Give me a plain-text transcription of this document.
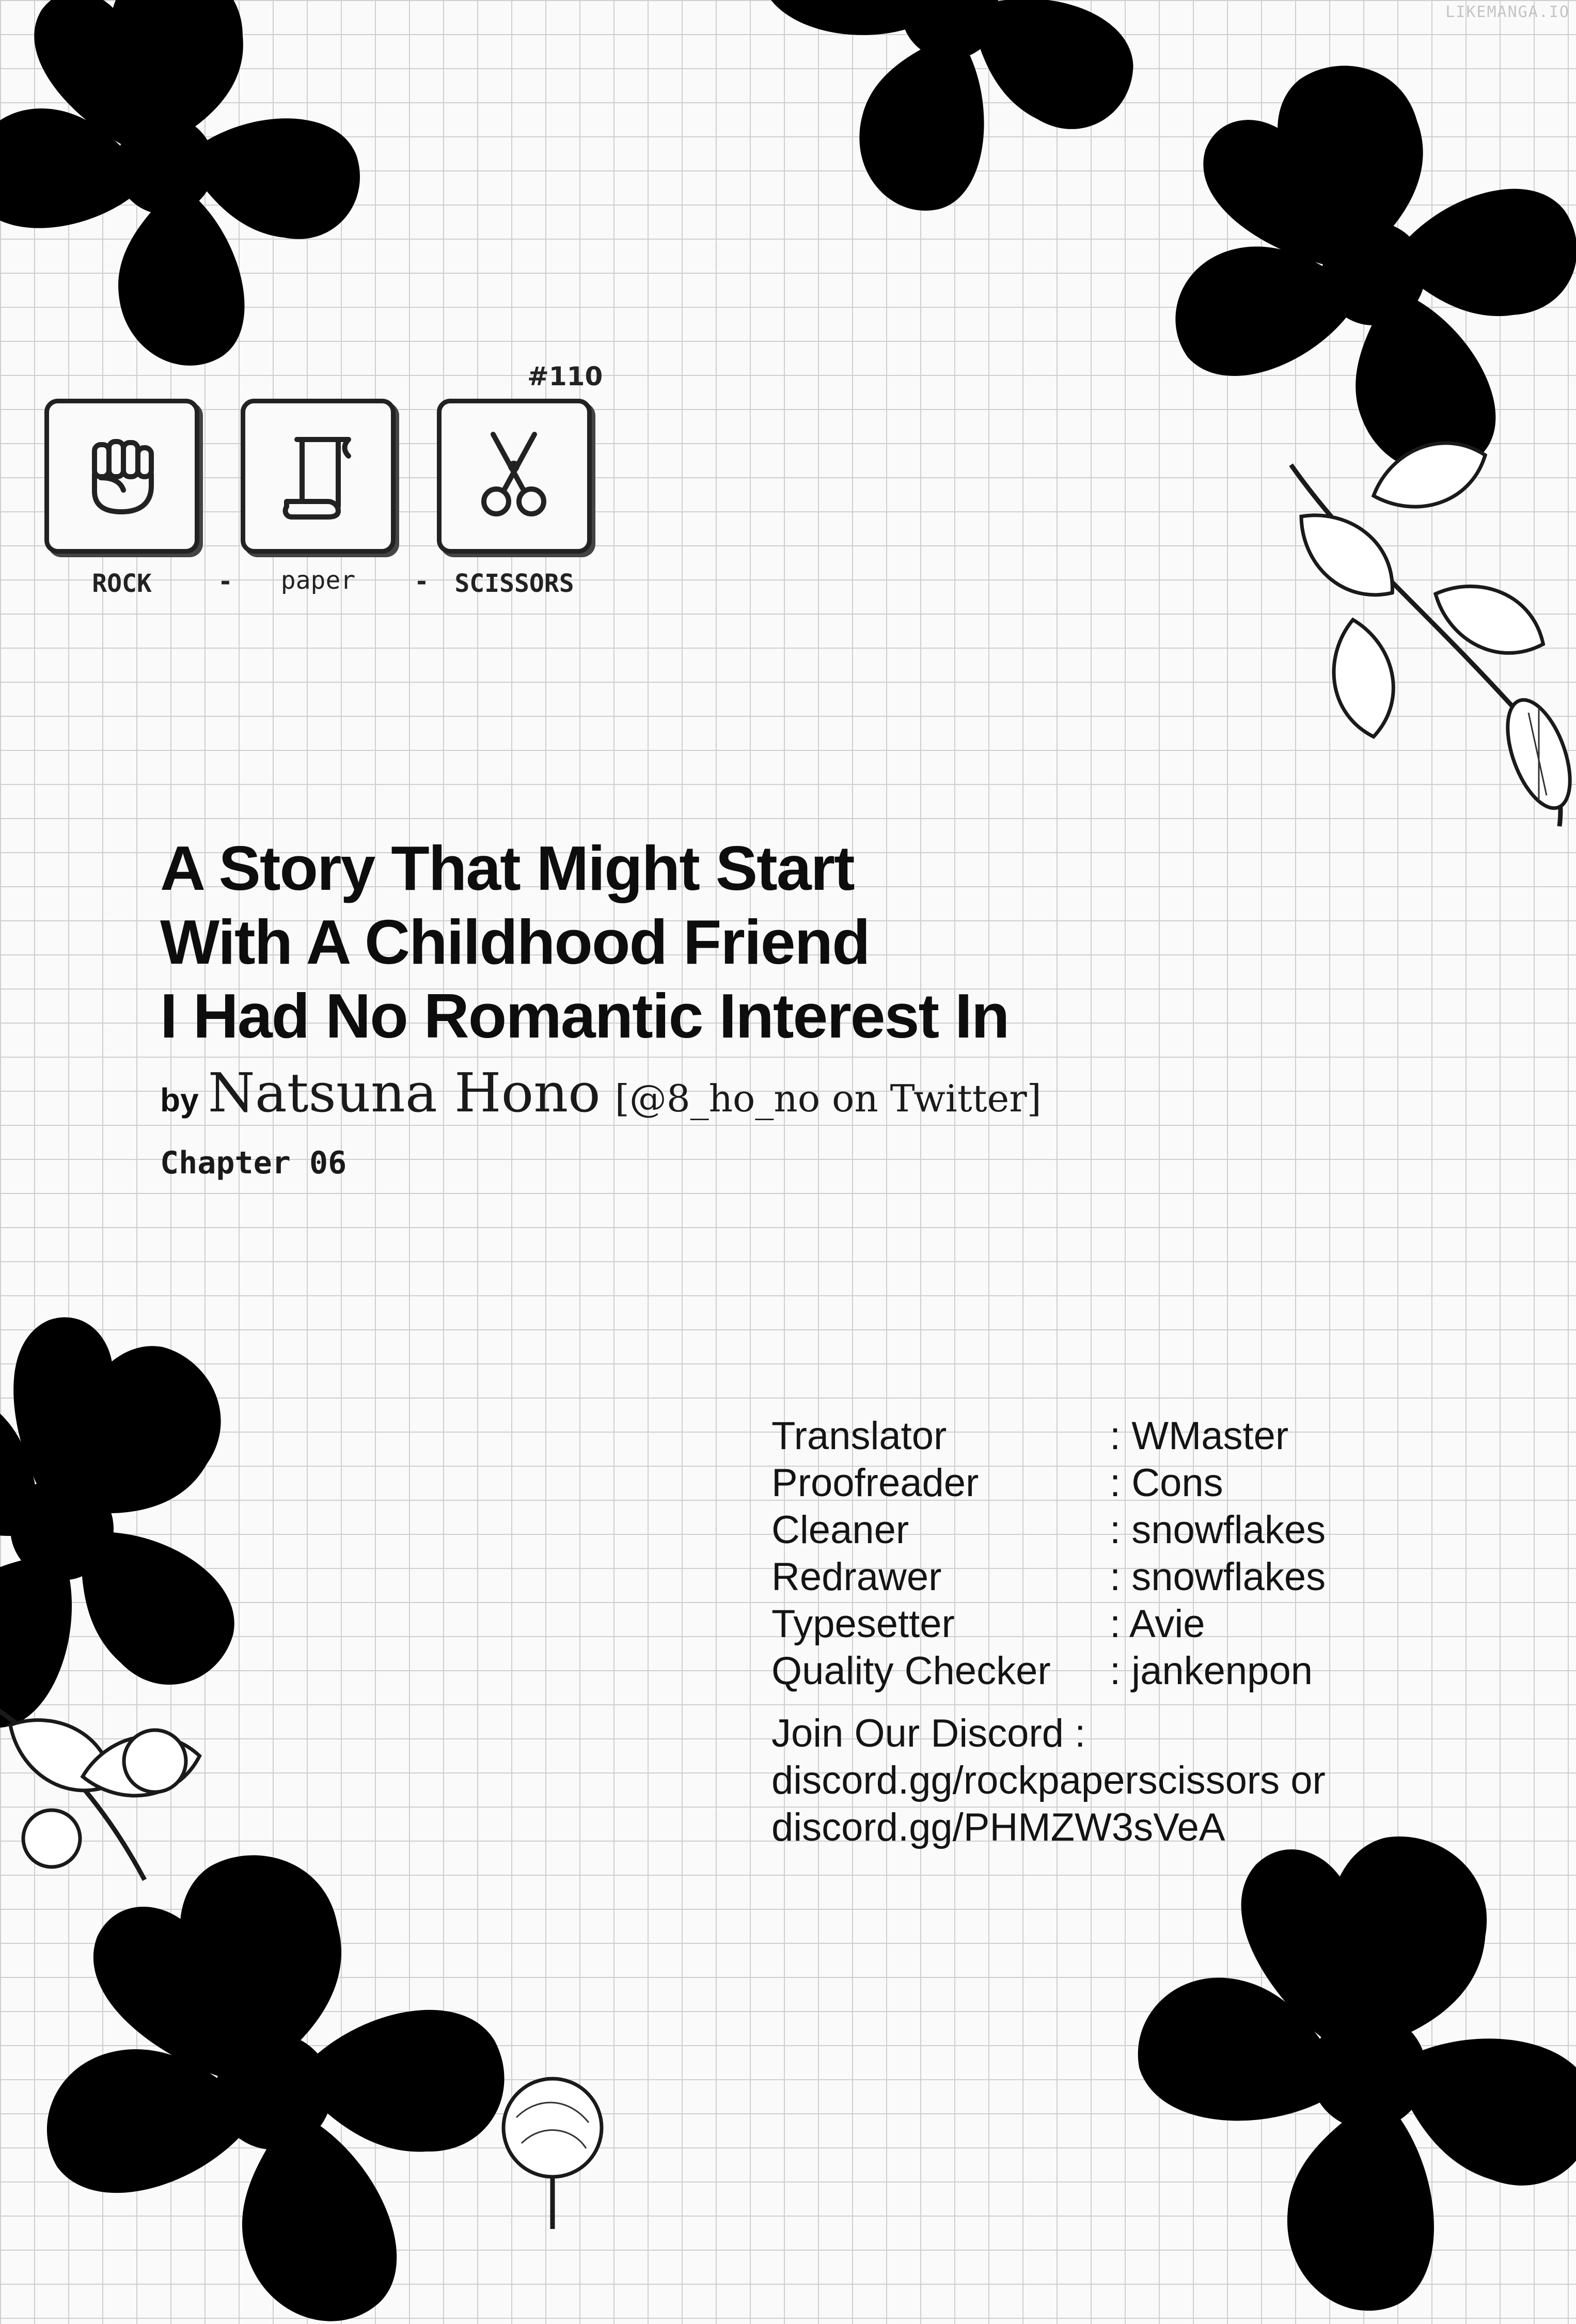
LIKEMANGA.IO
#110
-	-
ROCK	paper	SCISSORS
A Story That Might Start
With A Childhood Friend
I Had No Romantic Interest In
by Natsuna Hono [@8_ho_no on Twitter]
Chapter 06
Translator	: WMaster
Proofreader	: Cons
Cleaner	: snowflakes
Redrawer	: snowflakes
Typesetter	: Avie
Quality Checker	: jankenpon
Join Our Discord :
discord.gg/rockpaperscissors or
discord.gg/PHMZW3sVeA
